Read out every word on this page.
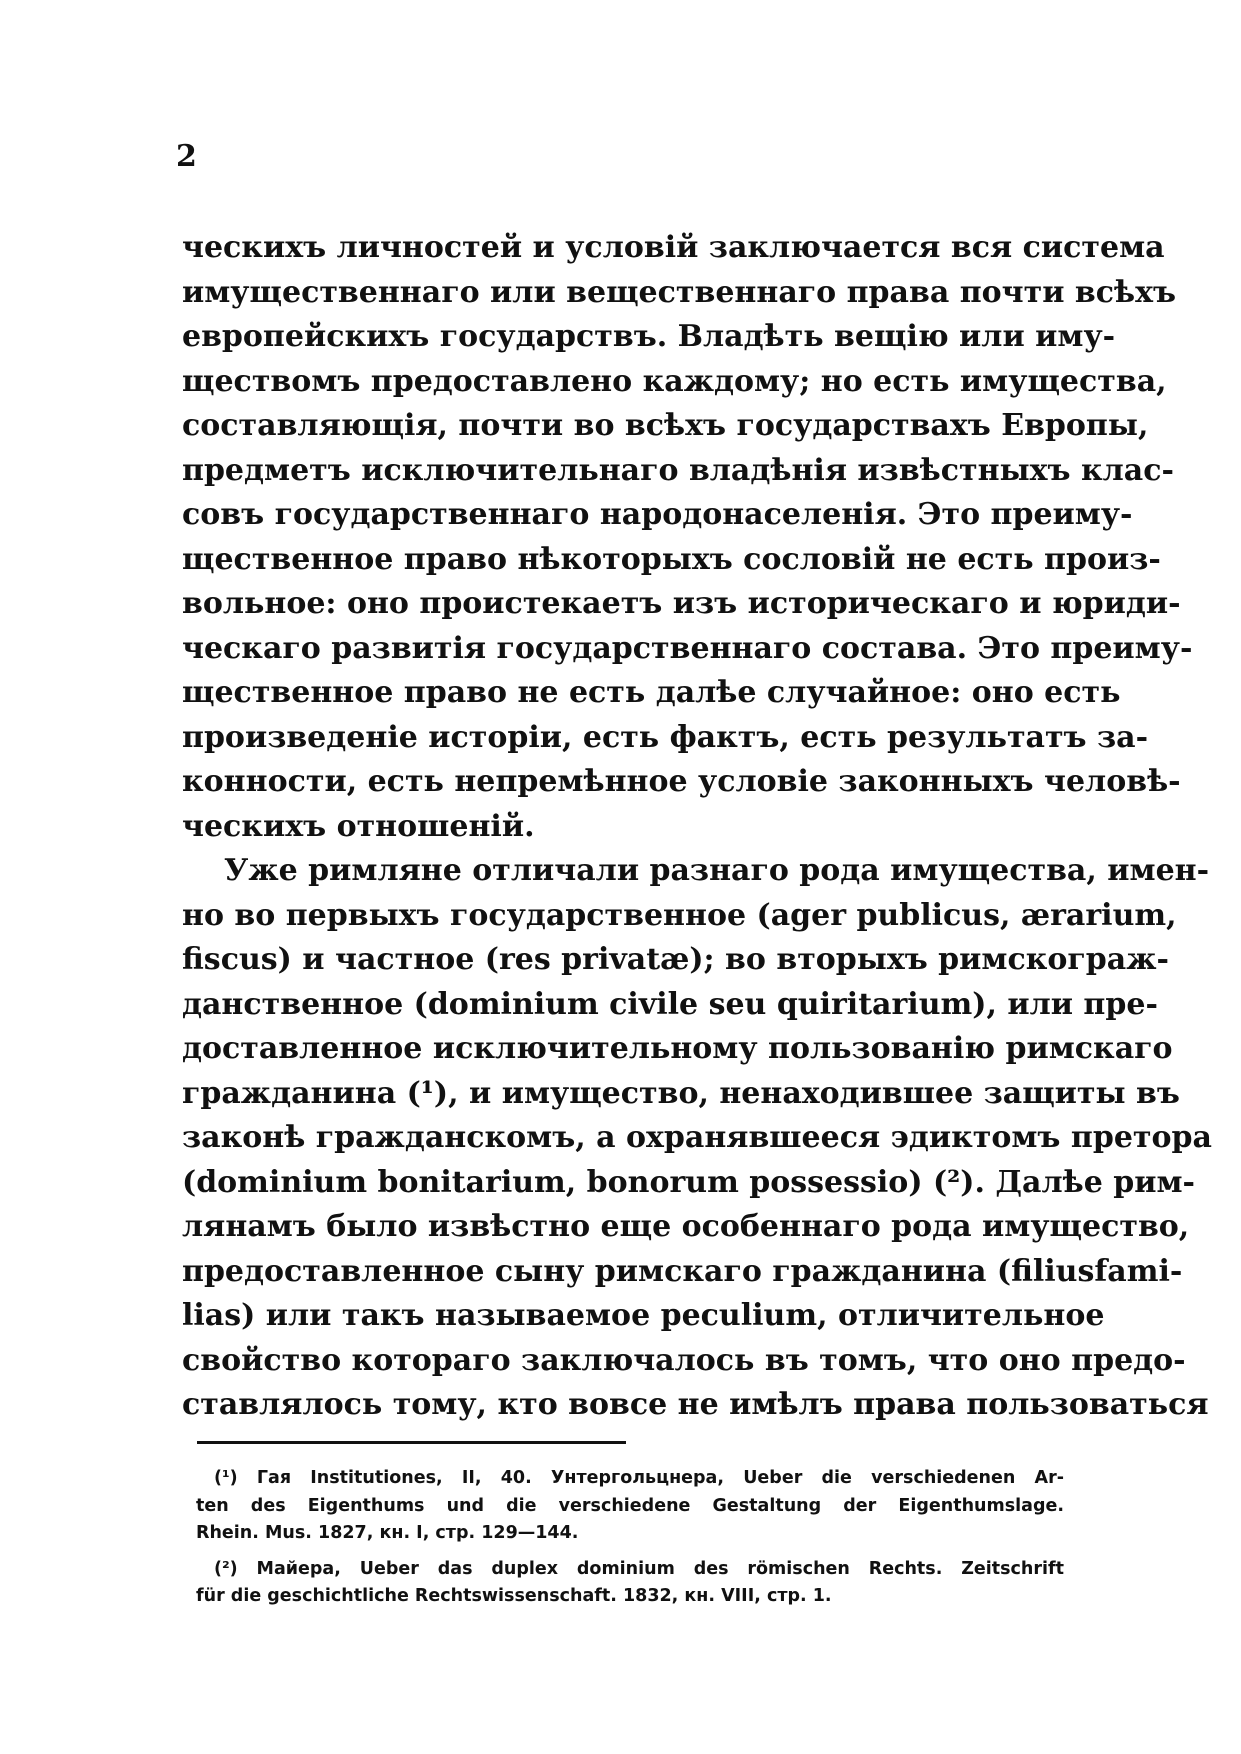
2
ческихъ личностей и условій заключается вся система
имущественнаго или вещественнаго права почти всѣхъ
европейскихъ государствъ. Владѣть вещію или иму-
ществомъ предоставлено каждому; но есть имущества,
составляющія, почти во всѣхъ государствахъ Европы,
предметъ исключительнаго владѣнія извѣстныхъ клас-
совъ государственнаго народонаселенія. Это преиму-
щественное право нѣкоторыхъ сословій не есть произ-
вольное: оно проистекаетъ изъ историческаго и юриди-
ческаго развитія государственнаго состава. Это преиму-
щественное право не есть далѣе случайное: оно есть
произведеніе исторіи, есть фактъ, есть результатъ за-
конности, есть непремѣнное условіе законныхъ человѣ-
ческихъ отношеній.
Уже римляне отличали разнаго рода имущества, имен-
но во первыхъ государственное (ager publicus, ærarium,
fiscus) и частное (res privatæ); во вторыхъ римскограж-
данственное (dominium civile seu quiritarium), или пре-
доставленное исключительному пользованію римскаго
гражданина (¹), и имущество, ненаходившее защиты въ
законѣ гражданскомъ, а охранявшееся эдиктомъ претора
(dominium bonitarium, bonorum possessio) (²). Далѣе рим-
лянамъ было извѣстно еще особеннаго рода имущество,
предоставленное сыну римскаго гражданина (filiusfami-
lias) или такъ называемое peculium, отличительное
свойство котораго заключалось въ томъ, что оно предо-
ставлялось тому, кто вовсе не имѣлъ права пользоваться
(¹) Гая Institutiones, II, 40. Унтергольцнера, Ueber die verschiedenen Ar-
ten des Eigenthums und die verschiedene Gestaltung der Eigenthumslage.
Rhein. Mus. 1827, кн. I, стр. 129—144.
(²) Майера, Ueber das duplex dominium des römischen Rechts. Zeitschrift
für die geschichtliche Rechtswissenschaft. 1832, кн. VIII, стр. 1.
